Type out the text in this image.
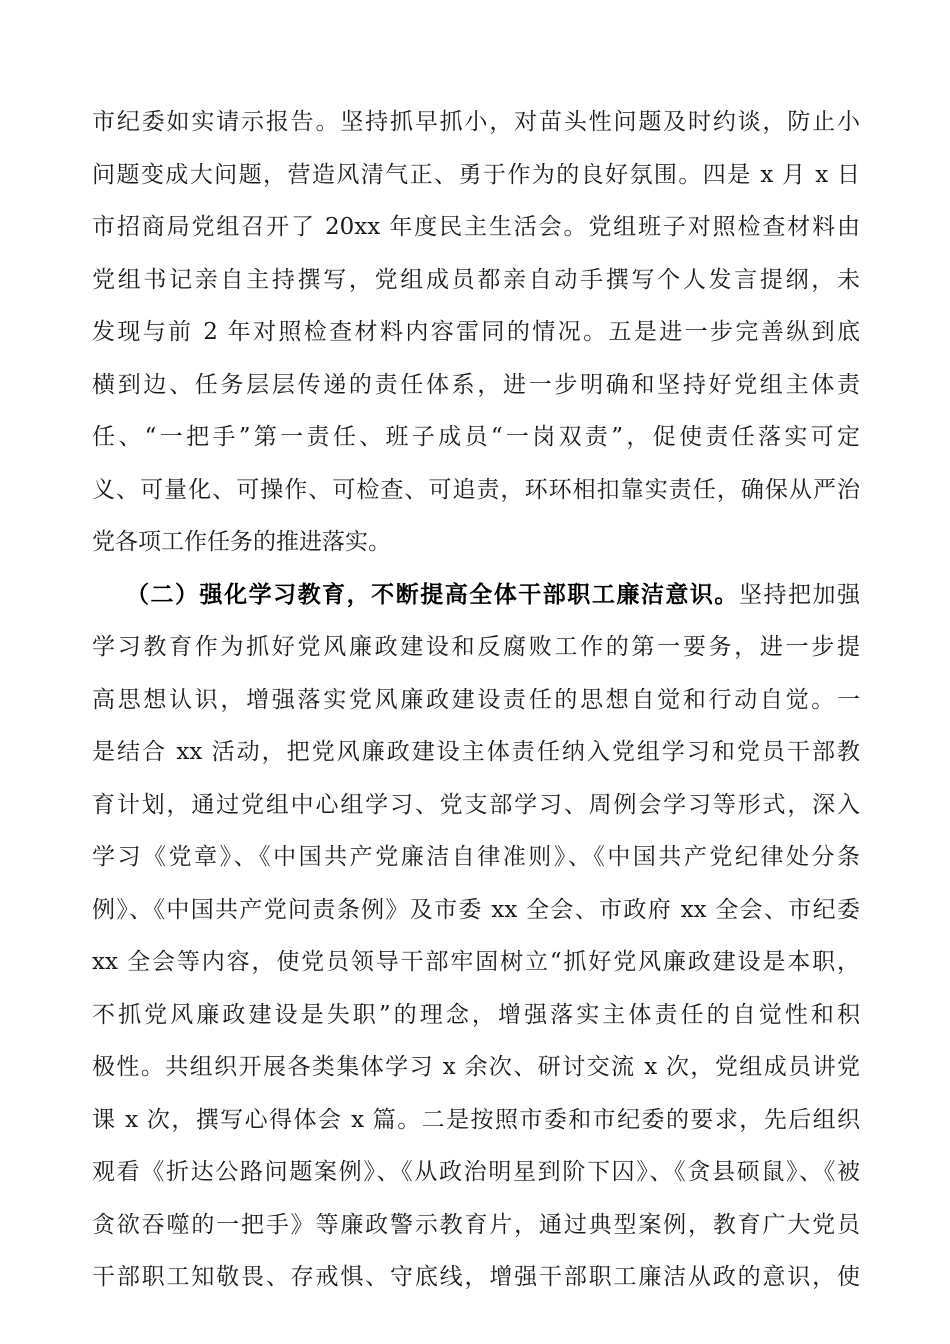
市纪委如实请示报告。坚持抓早抓小，对苗头性问题及时约谈，防止小
问题变成大问题，营造风清气正、勇于作为的良好氛围。四是 x 月 x 日
市招商局党组召开了 20xx 年度民主生活会。党组班子对照检查材料由
党组书记亲自主持撰写，党组成员都亲自动手撰写个人发言提纲，未
发现与前 2 年对照检查材料内容雷同的情况。五是进一步完善纵到底
横到边、任务层层传递的责任体系，进一步明确和坚持好党组主体责
任、“一把手”第一责任、班子成员“一岗双责”，促使责任落实可定
义、可量化、可操作、可检查、可追责，环环相扣靠实责任，确保从严治
党各项工作任务的推进落实。
（二）强化学习教育，不断提高全体干部职工廉洁意识。坚持把加强
学习教育作为抓好党风廉政建设和反腐败工作的第一要务，进一步提
高思想认识，增强落实党风廉政建设责任的思想自觉和行动自觉。一
是结合 xx 活动，把党风廉政建设主体责任纳入党组学习和党员干部教
育计划，通过党组中心组学习、党支部学习、周例会学习等形式，深入
学习《党章》、《中国共产党廉洁自律准则》、《中国共产党纪律处分条
例》、《中国共产党问责条例》及市委 xx 全会、市政府 xx 全会、市纪委
xx 全会等内容，使党员领导干部牢固树立“抓好党风廉政建设是本职，
不抓党风廉政建设是失职”的理念，增强落实主体责任的自觉性和积
极性。共组织开展各类集体学习 x 余次、研讨交流 x 次，党组成员讲党
课 x 次，撰写心得体会 x 篇。二是按照市委和市纪委的要求，先后组织
观看《折达公路问题案例》、《从政治明星到阶下囚》、《贪县硕鼠》、《被
贪欲吞噬的一把手》等廉政警示教育片，通过典型案例，教育广大党员
干部职工知敬畏、存戒惧、守底线，增强干部职工廉洁从政的意识，使
